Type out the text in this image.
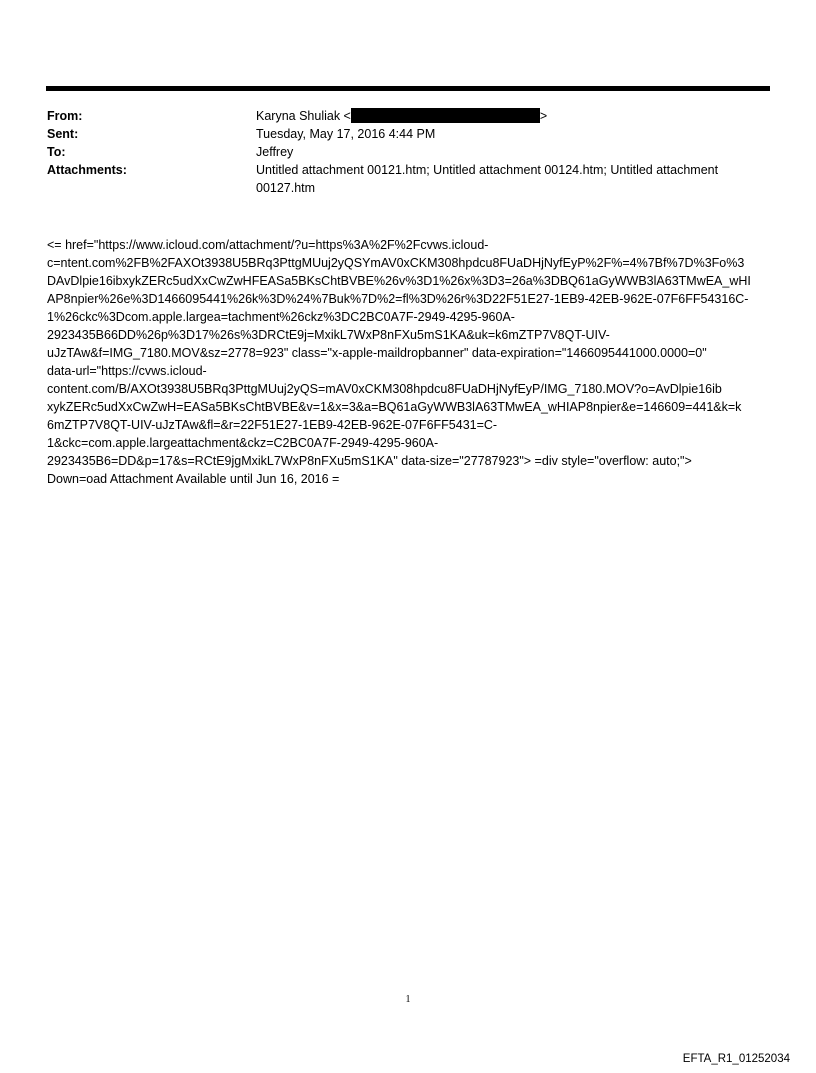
From:	Karyna Shuliak <	>
Sent:	Tuesday, May 17, 2016 4:44 PM
To:	Jeffrey
Attachments:	Untitled attachment 00121.htm; Untitled attachment 00124.htm; Untitled attachment 00127.htm
<= href="https://www.icloud.com/attachment/?u=https%3A%2F%2Fcvws.icloud-
c=ntent.com%2FB%2FAXOt3938U5BRq3PttgMUuj2yQSYmAV0xCKM308hpdcu8FUaDHjNyfEyP%2F%=4%7Bf%7D%3Fo%3
DAvDlpie16ibxykZERc5udXxCwZwHFEASa5BKsChtBVBE%26v%3D1%26x%3D3=26a%3DBQ61aGyWWB3lA63TMwEA_wHI
AP8npier%26e%3D1466095441%26k%3D%24%7Buk%7D%2=fl%3D%26r%3D22F51E27-1EB9-42EB-962E-07F6FF54316C-
1%26ckc%3Dcom.apple.largea=tachment%26ckz%3DC2BC0A7F-2949-4295-960A-
2923435B66DD%26p%3D17%26s%3DRCtE9j=MxikL7WxP8nFXu5mS1KA&uk=k6mZTP7V8QT-UIV-
uJzTAw&f=IMG_7180.MOV&sz=2778=923" class="x-apple-maildropbanner" data-expiration="1466095441000.0000=0"
data-url="https://cvws.icloud-
content.com/B/AXOt3938U5BRq3PttgMUuj2yQS=mAV0xCKM308hpdcu8FUaDHjNyfEyP/IMG_7180.MOV?o=AvDlpie16ib
xykZERc5udXxCwZwH=EASa5BKsChtBVBE&v=1&x=3&a=BQ61aGyWWB3lA63TMwEA_wHIAP8npier&e=146609=441&k=k
6mZTP7V8QT-UIV-uJzTAw&fl=&r=22F51E27-1EB9-42EB-962E-07F6FF5431=C-
1&ckc=com.apple.largeattachment&ckz=C2BC0A7F-2949-4295-960A-
2923435B6=DD&p=17&s=RCtE9jgMxikL7WxP8nFXu5mS1KA" data-size="27787923"> =div style="overflow: auto;">
Down=oad Attachment Available until Jun 16, 2016 =
1
EFTA_R1_01252034
